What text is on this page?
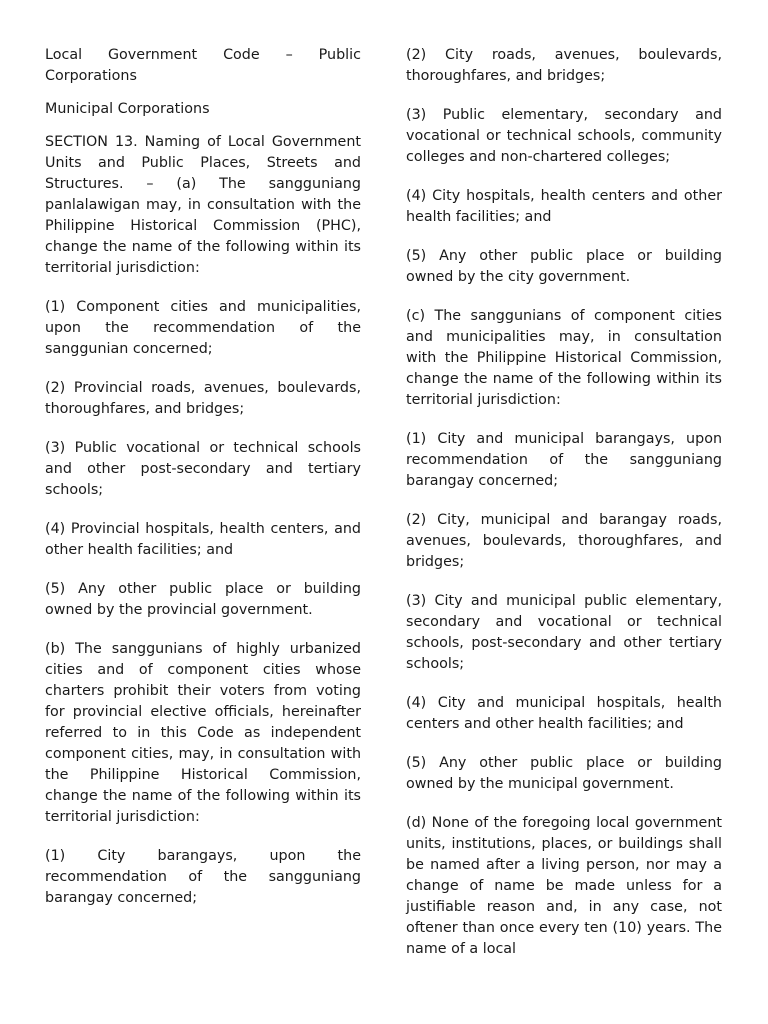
Local Government Code – Public Corporations

Municipal Corporations

SECTION 13. Naming of Local Government Units and Public Places, Streets and Structures. – (a) The sangguniang panlalawigan may, in consultation with the Philippine Historical Commission (PHC), change the name of the following within its territorial jurisdiction:

(1) Component cities and municipalities, upon the recommendation of the sanggunian concerned;

(2) Provincial roads, avenues, boulevards, thoroughfares, and bridges;

(3) Public vocational or technical schools and other post-secondary and tertiary schools;

(4) Provincial hospitals, health centers, and other health facilities; and

(5) Any other public place or building owned by the provincial government.

(b) The sanggunians of highly urbanized cities and of component cities whose charters prohibit their voters from voting for provincial elective officials, hereinafter referred to in this Code as independent component cities, may, in consultation with the Philippine Historical Commission, change the name of the following within its territorial jurisdiction:

(1) City barangays, upon the recommendation of the sangguniang barangay concerned;

(2) City roads, avenues, boulevards, thoroughfares, and bridges;

(3) Public elementary, secondary and vocational or technical schools, community colleges and non-chartered colleges;

(4) City hospitals, health centers and other health facilities; and

(5) Any other public place or building owned by the city government.

(c) The sanggunians of component cities and municipalities may, in consultation with the Philippine Historical Commission, change the name of the following within its territorial jurisdiction:

(1) City and municipal barangays, upon recommendation of the sangguniang barangay concerned;

(2) City, municipal and barangay roads, avenues, boulevards, thoroughfares, and bridges;

(3) City and municipal public elementary, secondary and vocational or technical schools, post-secondary and other tertiary schools;

(4) City and municipal hospitals, health centers and other health facilities; and

(5) Any other public place or building owned by the municipal government.

(d) None of the foregoing local government units, institutions, places, or buildings shall be named after a living person, nor may a change of name be made unless for a justifiable reason and, in any case, not oftener than once every ten (10) years. The name of a local
